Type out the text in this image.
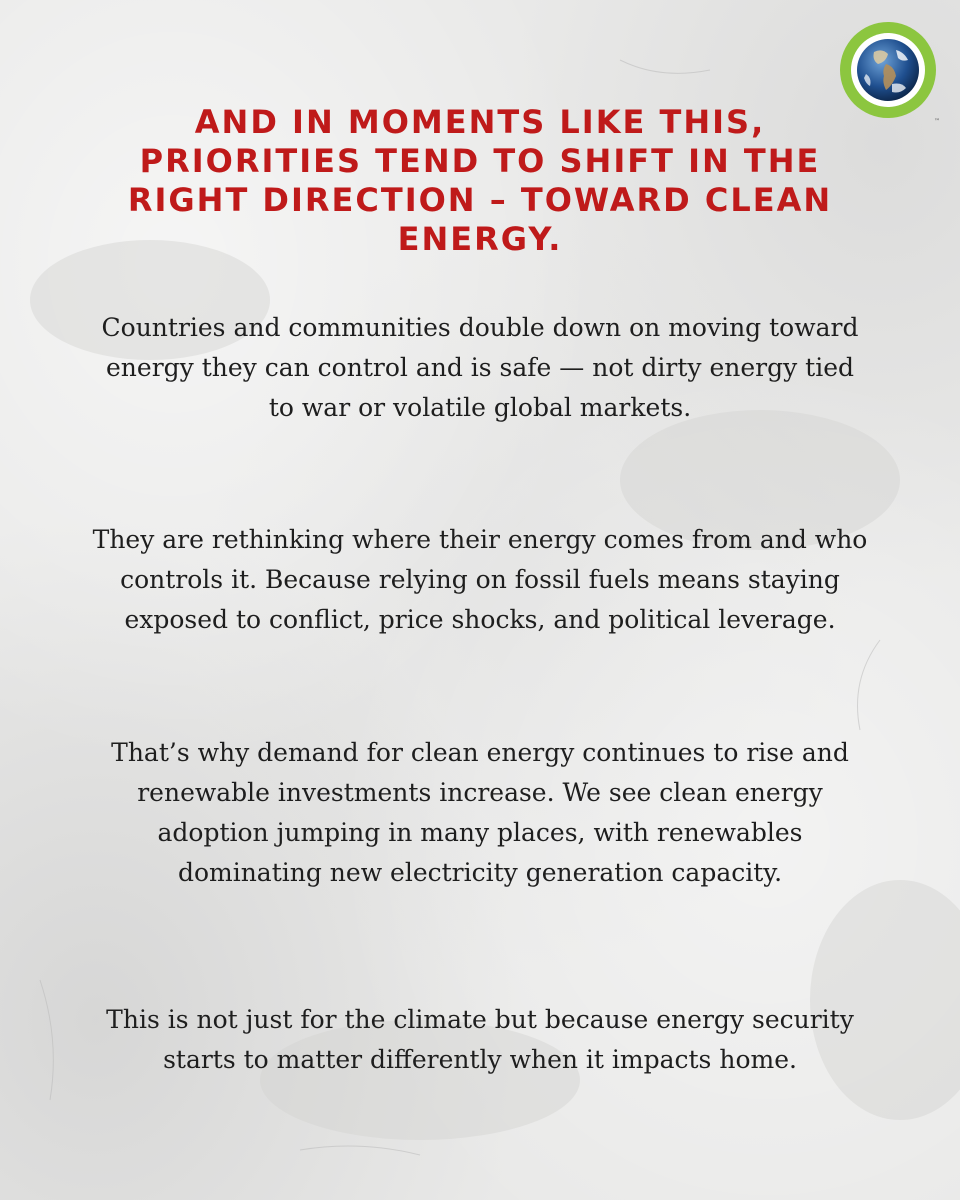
™
AND IN MOMENTS LIKE THIS, PRIORITIES TEND TO SHIFT IN THE RIGHT DIRECTION – TOWARD CLEAN ENERGY.

Countries and communities double down on moving toward energy they can control and is safe — not dirty energy tied to war or volatile global markets.

They are rethinking where their energy comes from and who controls it. Because relying on fossil fuels means staying exposed to conflict, price shocks, and political leverage.

That’s why demand for clean energy continues to rise and renewable investments increase. We see clean energy adoption jumping in many places, with renewables dominating new electricity generation capacity.

This is not just for the climate but because energy security starts to matter differently when it impacts home.
